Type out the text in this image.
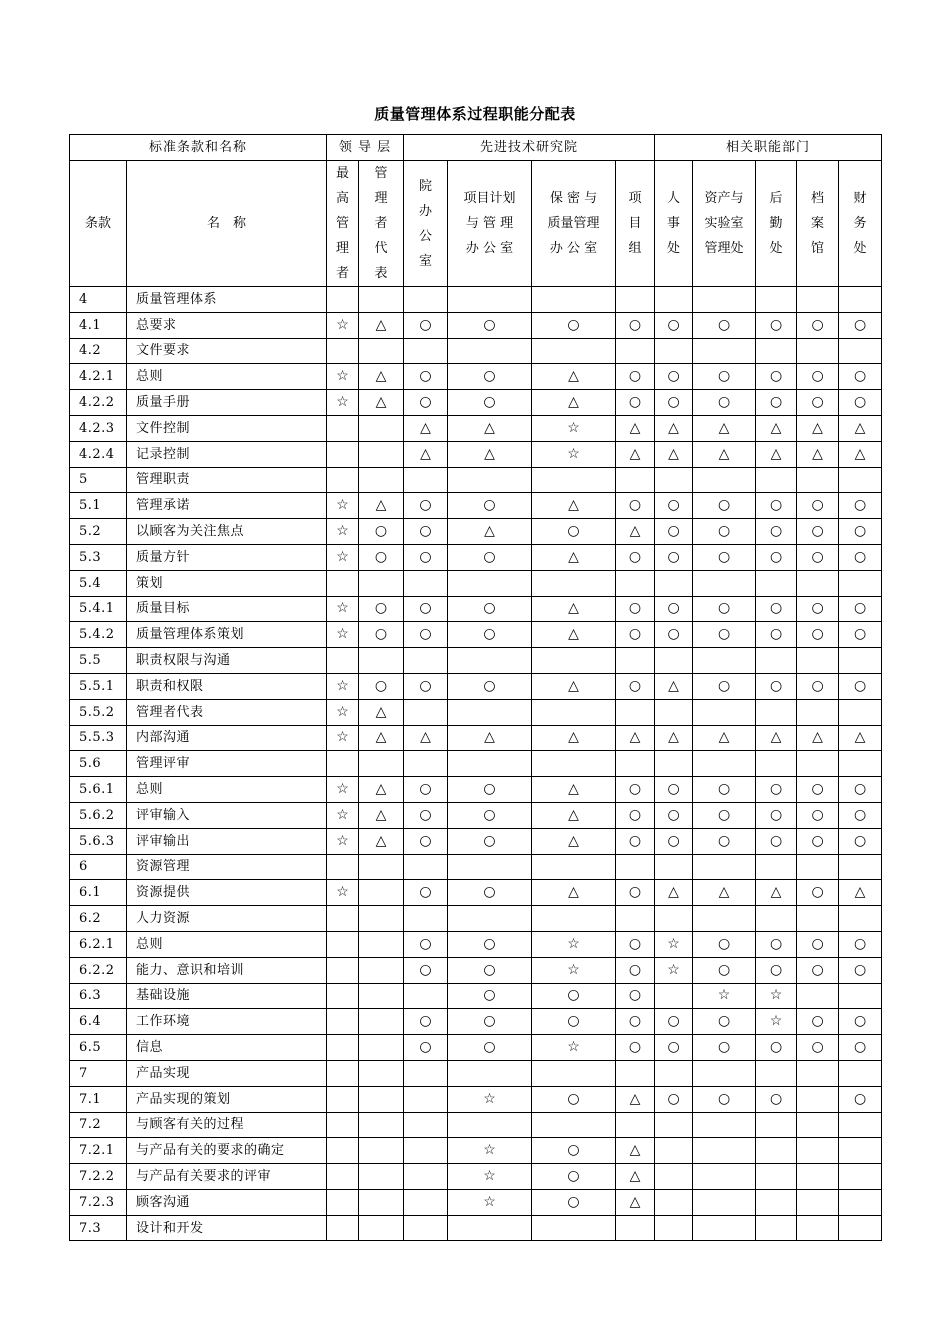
质量管理体系过程职能分配表
标准条款和名称		领 导 层		先进技术研究院				相关职能部门				
条款	名　称	最
高
管
理
者	管
理
者
代
表	院
办
公
室	项目计划
与 管 理
办 公 室	保 密 与
质量管理
办 公 室	项
目
组	人
事
处	资产与
实验室
管理处	后
勤
处	档
案
馆	财
务
处

4	质量管理体系											
4.1	总要求	☆	△	○	○	○	○	○	○	○	○	○
4.2	文件要求											
4.2.1	总则	☆	△	○	○	△	○	○	○	○	○	○
4.2.2	质量手册	☆	△	○	○	△	○	○	○	○	○	○
4.2.3	文件控制			△	△	☆	△	△	△	△	△	△
4.2.4	记录控制			△	△	☆	△	△	△	△	△	△
5	管理职责											
5.1	管理承诺	☆	△	○	○	△	○	○	○	○	○	○
5.2	以顾客为关注焦点	☆	○	○	△	○	△	○	○	○	○	○
5.3	质量方针	☆	○	○	○	△	○	○	○	○	○	○
5.4	策划											
5.4.1	质量目标	☆	○	○	○	△	○	○	○	○	○	○
5.4.2	质量管理体系策划	☆	○	○	○	△	○	○	○	○	○	○
5.5	职责权限与沟通											
5.5.1	职责和权限	☆	○	○	○	△	○	△	○	○	○	○
5.5.2	管理者代表	☆	△									
5.5.3	内部沟通	☆	△	△	△	△	△	△	△	△	△	△
5.6	管理评审											
5.6.1	总则	☆	△	○	○	△	○	○	○	○	○	○
5.6.2	评审输入	☆	△	○	○	△	○	○	○	○	○	○
5.6.3	评审输出	☆	△	○	○	△	○	○	○	○	○	○
6	资源管理											
6.1	资源提供	☆		○	○	△	○	△	△	△	○	△
6.2	人力资源											
6.2.1	总则			○	○	☆	○	☆	○	○	○	○
6.2.2	能力、意识和培训			○	○	☆	○	☆	○	○	○	○
6.3	基础设施				○	○	○		☆	☆		
6.4	工作环境			○	○	○	○	○	○	☆	○	○
6.5	信息			○	○	☆	○	○	○	○	○	○
7	产品实现											
7.1	产品实现的策划				☆	○	△	○	○	○		○
7.2	与顾客有关的过程											
7.2.1	与产品有关的要求的确定				☆	○	△					
7.2.2	与产品有关要求的评审				☆	○	△					
7.2.3	顾客沟通				☆	○	△					
7.3	设计和开发											
